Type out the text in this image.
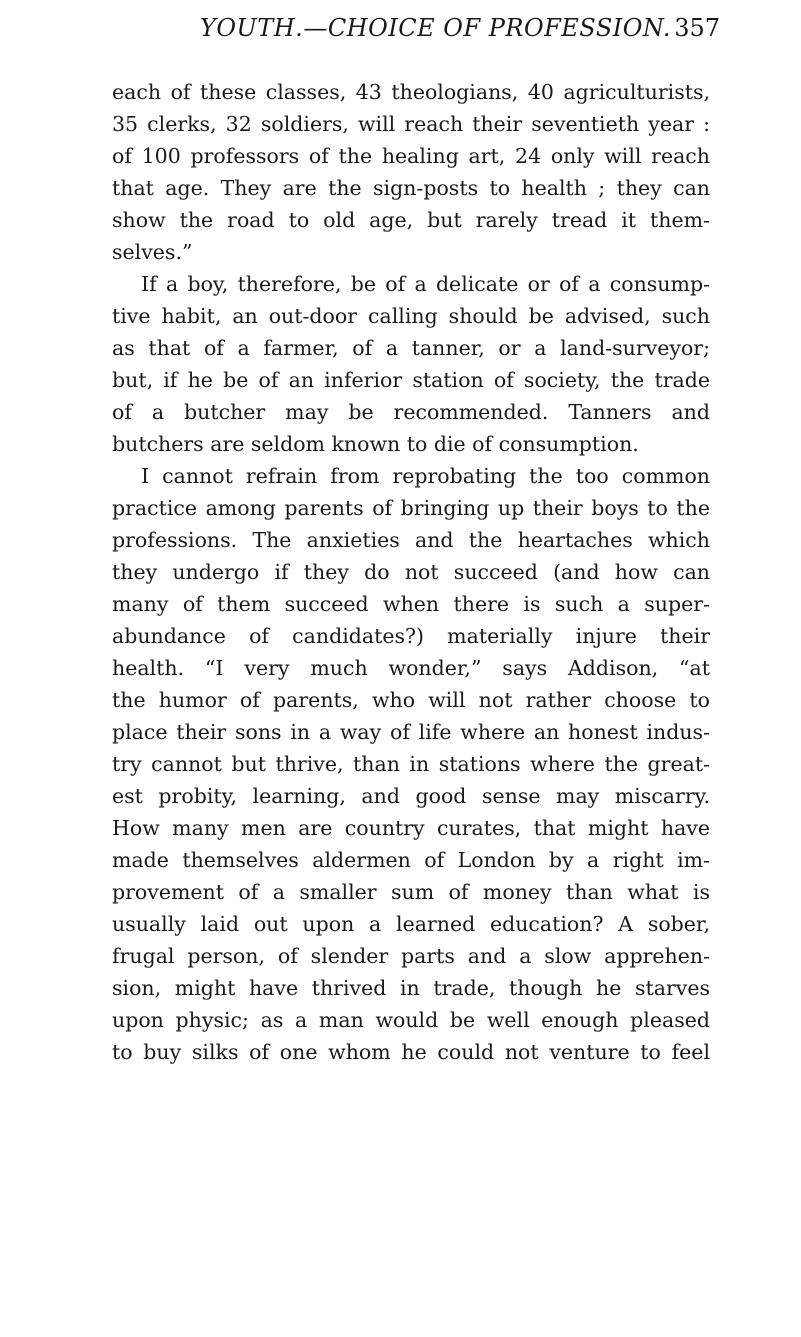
YOUTH.—CHOICE OF PROFESSION. 357
each of these classes, 43 theologians, 40 agriculturists,
35 clerks, 32 soldiers, will reach their seventieth year :
of 100 professors of the healing art, 24 only will reach
that age. They are the sign-posts to health ; they can
show the road to old age, but rarely tread it them-
selves.”
If a boy, therefore, be of a delicate or of a consump-
tive habit, an out-door calling should be advised, such
as that of a farmer, of a tanner, or a land-surveyor;
but, if he be of an inferior station of society, the trade
of a butcher may be recommended. Tanners and
butchers are seldom known to die of consumption.
I cannot refrain from reprobating the too common
practice among parents of bringing up their boys to the
professions. The anxieties and the heartaches which
they undergo if they do not succeed (and how can
many of them succeed when there is such a super-
abundance of candidates?) materially injure their
health. “I very much wonder,” says Addison, “at
the humor of parents, who will not rather choose to
place their sons in a way of life where an honest indus-
try cannot but thrive, than in stations where the great-
est probity, learning, and good sense may miscarry.
How many men are country curates, that might have
made themselves aldermen of London by a right im-
provement of a smaller sum of money than what is
usually laid out upon a learned education? A sober,
frugal person, of slender parts and a slow apprehen-
sion, might have thrived in trade, though he starves
upon physic; as a man would be well enough pleased
to buy silks of one whom he could not venture to feel
